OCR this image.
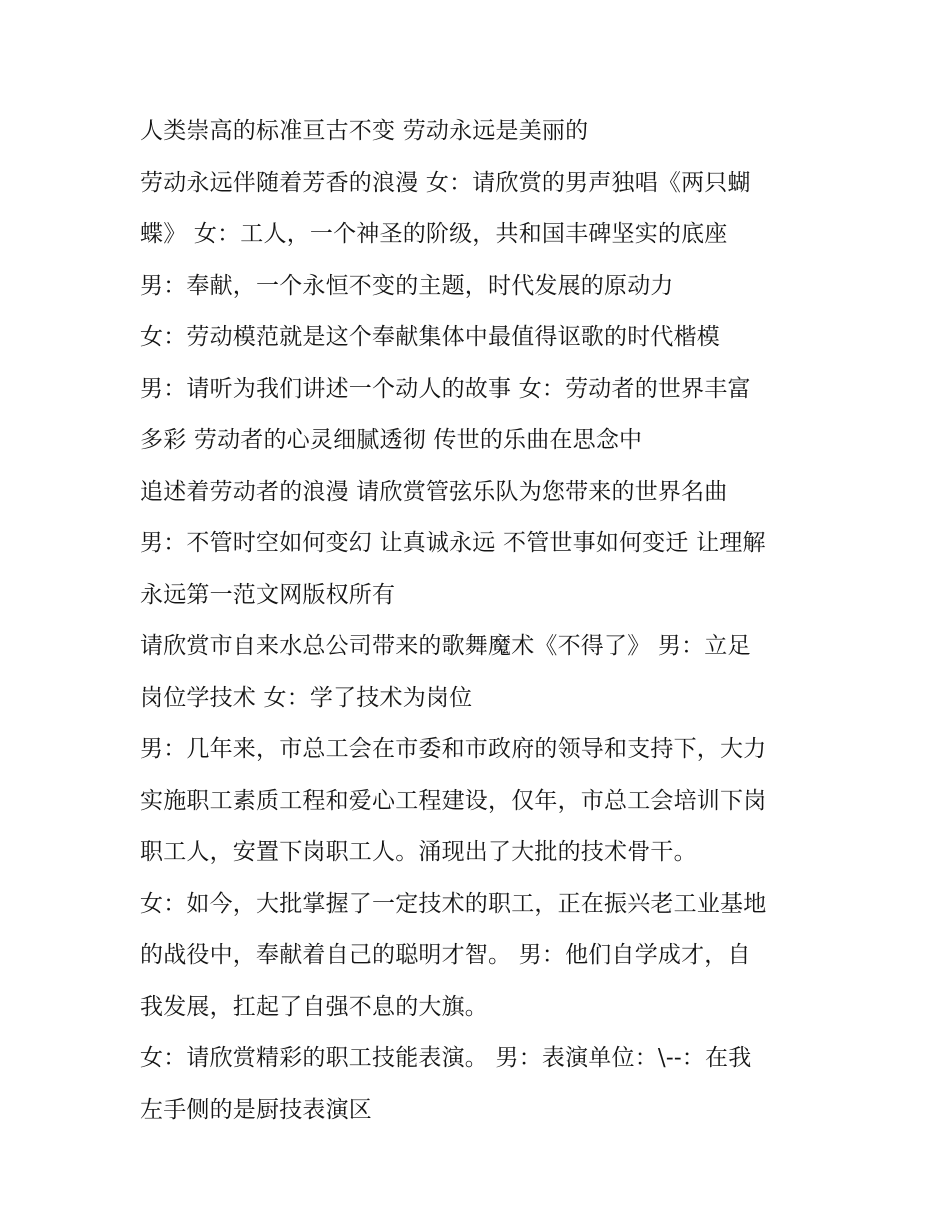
人类崇高的标准亘古不变 劳动永远是美丽的
劳动永远伴随着芳香的浪漫 女：请欣赏的男声独唱《两只蝴
蝶》 女：工人，一个神圣的阶级，共和国丰碑坚实的底座
男：奉献，一个永恒不变的主题，时代发展的原动力
女：劳动模范就是这个奉献集体中最值得讴歌的时代楷模
男：请听为我们讲述一个动人的故事 女：劳动者的世界丰富
多彩 劳动者的心灵细腻透彻 传世的乐曲在思念中
追述着劳动者的浪漫 请欣赏管弦乐队为您带来的世界名曲
男：不管时空如何变幻 让真诚永远 不管世事如何变迁 让理解
永远第一范文网版权所有
请欣赏市自来水总公司带来的歌舞魔术《不得了》 男：立足
岗位学技术 女：学了技术为岗位
男：几年来，市总工会在市委和市政府的领导和支持下，大力
实施职工素质工程和爱心工程建设，仅年，市总工会培训下岗
职工人，安置下岗职工人。涌现出了大批的技术骨干。
女：如今，大批掌握了一定技术的职工，正在振兴老工业基地
的战役中，奉献着自己的聪明才智。 男：他们自学成才，自
我发展，扛起了自强不息的大旗。
女：请欣赏精彩的职工技能表演。 男：表演单位：\--：在我
左手侧的是厨技表演区
